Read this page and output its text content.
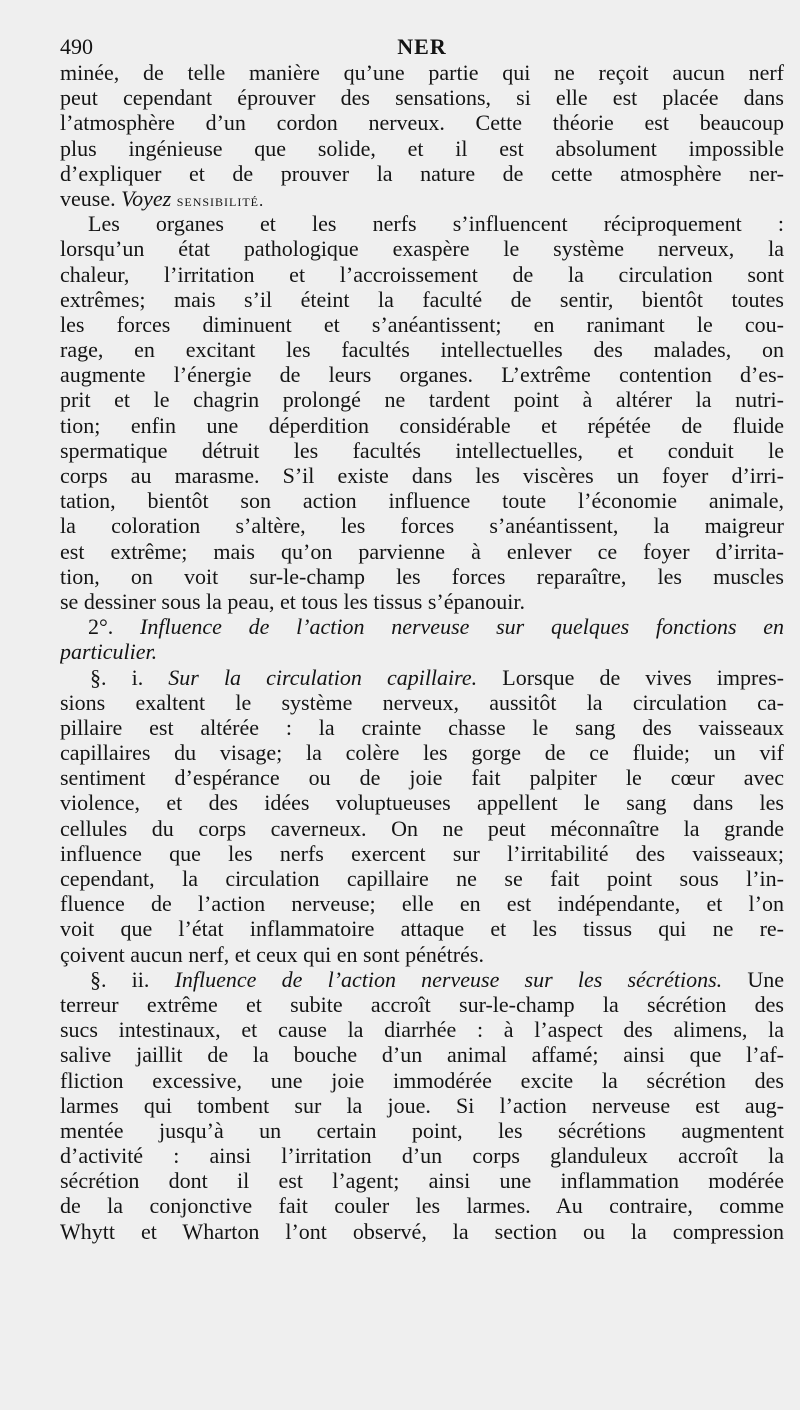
490	NER
minée, de telle manière qu’une partie qui ne reçoit aucun nerf
peut cependant éprouver des sensations, si elle est placée dans
l’atmosphère d’un cordon nerveux. Cette théorie est beaucoup
plus ingénieuse que solide, et il est absolument impossible
d’expliquer et de prouver la nature de cette atmosphère ner-
veuse. Voyez sensibilité.
Les organes et les nerfs s’influencent réciproquement :
lorsqu’un état pathologique exaspère le système nerveux, la
chaleur, l’irritation et l’accroissement de la circulation sont
extrêmes; mais s’il éteint la faculté de sentir, bientôt toutes
les forces diminuent et s’anéantissent; en ranimant le cou-
rage, en excitant les facultés intellectuelles des malades, on
augmente l’énergie de leurs organes. L’extrême contention d’es-
prit et le chagrin prolongé ne tardent point à altérer la nutri-
tion; enfin une déperdition considérable et répétée de fluide
spermatique détruit les facultés intellectuelles, et conduit le
corps au marasme. S’il existe dans les viscères un foyer d’irri-
tation, bientôt son action influence toute l’économie animale,
la coloration s’altère, les forces s’anéantissent, la maigreur
est extrême; mais qu’on parvienne à enlever ce foyer d’irrita-
tion, on voit sur-le-champ les forces reparaître, les muscles
se dessiner sous la peau, et tous les tissus s’épanouir.
2°. Influence de l’action nerveuse sur quelques fonctions en
particulier.
§. i. Sur la circulation capillaire. Lorsque de vives impres-
sions exaltent le système nerveux, aussitôt la circulation ca-
pillaire est altérée : la crainte chasse le sang des vaisseaux
capillaires du visage; la colère les gorge de ce fluide; un vif
sentiment d’espérance ou de joie fait palpiter le cœur avec
violence, et des idées voluptueuses appellent le sang dans les
cellules du corps caverneux. On ne peut méconnaître la grande
influence que les nerfs exercent sur l’irritabilité des vaisseaux;
cependant, la circulation capillaire ne se fait point sous l’in-
fluence de l’action nerveuse; elle en est indépendante, et l’on
voit que l’état inflammatoire attaque et les tissus qui ne re-
çoivent aucun nerf, et ceux qui en sont pénétrés.
§. ii. Influence de l’action nerveuse sur les sécrétions. Une
terreur extrême et subite accroît sur-le-champ la sécrétion des
sucs intestinaux, et cause la diarrhée : à l’aspect des alimens, la
salive jaillit de la bouche d’un animal affamé; ainsi que l’af-
fliction excessive, une joie immodérée excite la sécrétion des
larmes qui tombent sur la joue. Si l’action nerveuse est aug-
mentée jusqu’à un certain point, les sécrétions augmentent
d’activité : ainsi l’irritation d’un corps glanduleux accroît la
sécrétion dont il est l’agent; ainsi une inflammation modérée
de la conjonctive fait couler les larmes. Au contraire, comme
Whytt et Wharton l’ont observé, la section ou la compression
